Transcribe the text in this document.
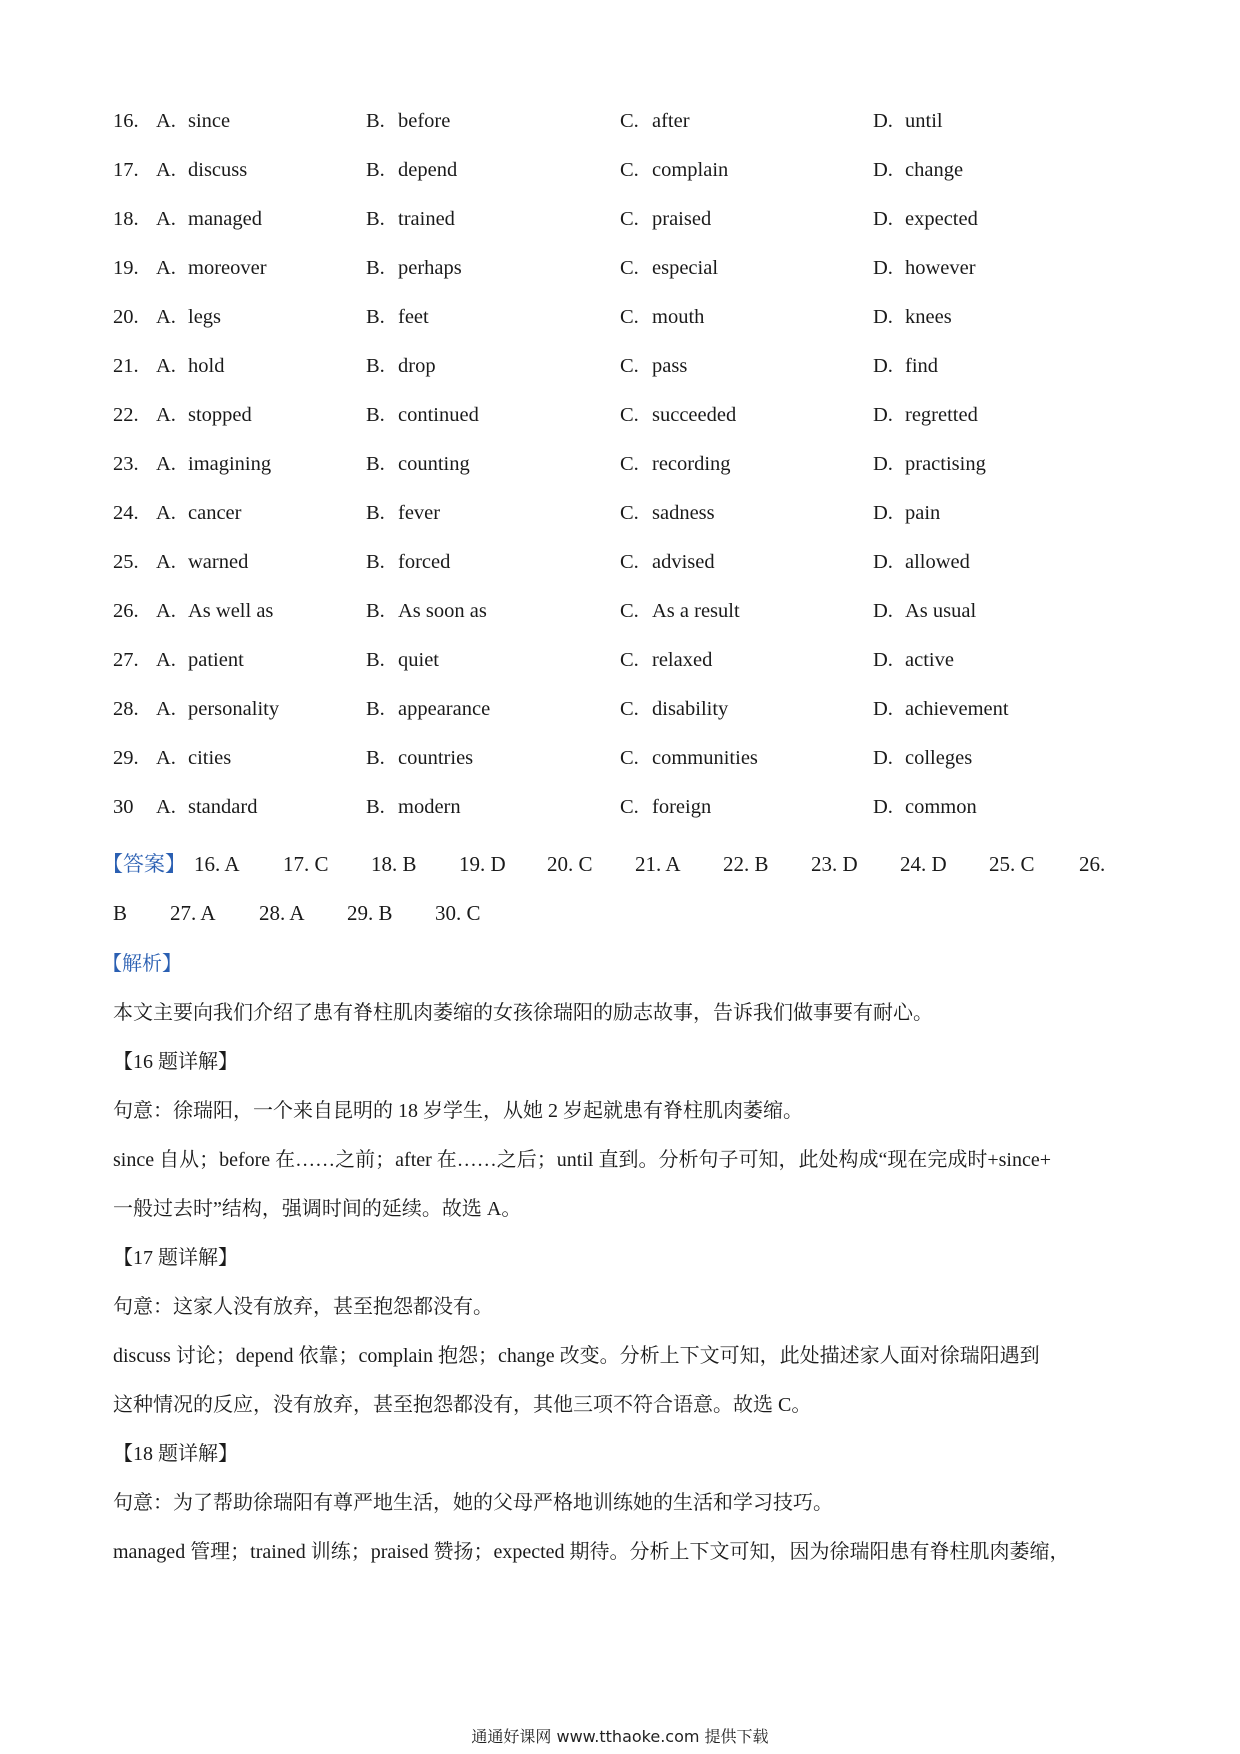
16. A. since	B. before	C. after	D. until
17. A. discuss	B. depend	C. complain	D. change
18. A. managed	B. trained	C. praised	D. expected
19. A. moreover	B. perhaps	C. especial	D. however
20. A. legs	B. feet	C. mouth	D. knees
21. A. hold	B. drop	C. pass	D. find
22. A. stopped	B. continued	C. succeeded	D. regretted
23. A. imagining	B. counting	C. recording	D. practising
24. A. cancer	B. fever	C. sadness	D. pain
25. A. warned	B. forced	C. advised	D. allowed
26. A. As well as	B. As soon as	C. As a result	D. As usual
27. A. patient	B. quiet	C. relaxed	D. active
28. A. personality	B. appearance	C. disability	D. achievement
29. A. cities	B. countries	C. communities	D. colleges
30 A. standard	B. modern	C. foreign	D. common
【答案】 16. A 17. C 18. B 19. D 20. C 21. A 22. B 23. D 24. D 25. C 26.
B 27. A 28. A 29. B 30. C
【解析】
本文主要向我们介绍了患有脊柱肌肉萎缩的女孩徐瑞阳的励志故事，告诉我们做事要有耐心。
【16 题详解】
句意：徐瑞阳，一个来自昆明的 18 岁学生，从她 2 岁起就患有脊柱肌肉萎缩。
since 自从；before 在……之前；after 在……之后；until 直到。分析句子可知，此处构成“现在完成时+since+
一般过去时”结构，强调时间的延续。故选 A。
【17 题详解】
句意：这家人没有放弃，甚至抱怨都没有。
discuss 讨论；depend 依靠；complain 抱怨；change 改变。分析上下文可知，此处描述家人面对徐瑞阳遇到
这种情况的反应，没有放弃，甚至抱怨都没有，其他三项不符合语意。故选 C。
【18 题详解】
句意：为了帮助徐瑞阳有尊严地生活，她的父母严格地训练她的生活和学习技巧。
managed 管理；trained 训练；praised 赞扬；expected 期待。分析上下文可知，因为徐瑞阳患有脊柱肌肉萎缩，
通通好课网 www.tthaoke.com 提供下载
